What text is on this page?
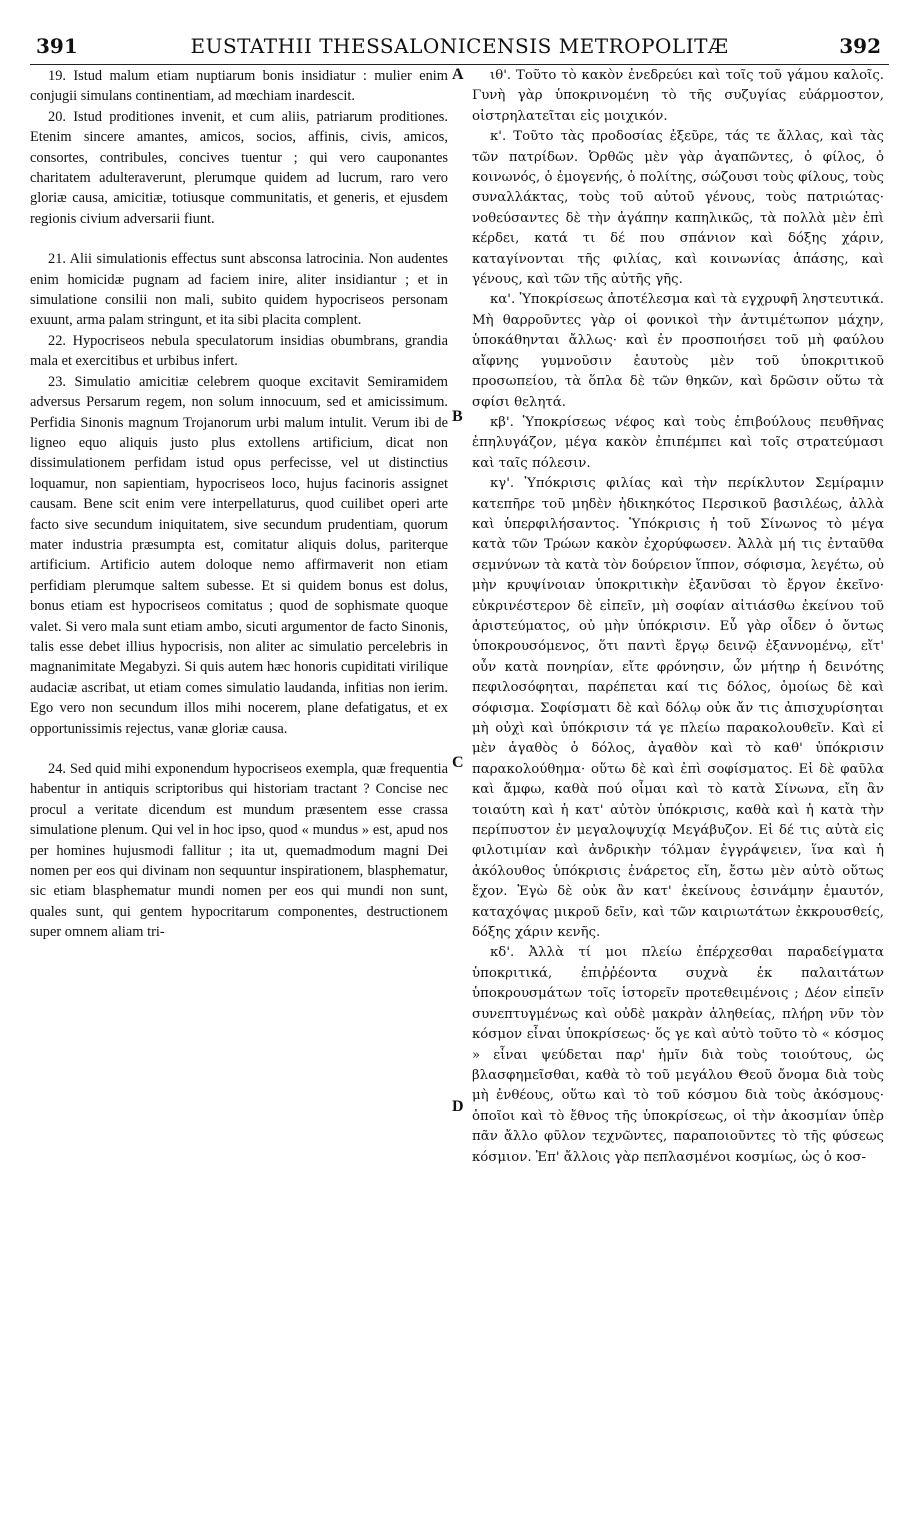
391	EUSTATHII THESSALONICENSIS METROPOLITÆ	392
A
B
C
D

19. Istud malum etiam nuptiarum bonis insidiatur : mulier enim conjugii simulans continentiam, ad mœchiam inardescit.

20. Istud proditiones invenit, et cum aliis, patriarum proditiones. Etenim sincere amantes, amicos, socios, affinis, civis, amicos, consortes, contribules, concives tuentur ; qui vero cauponantes charitatem adulteraverunt, plerumque quidem ad lucrum, raro vero gloriæ causa, amicitiæ, totiusque communitatis, et generis, et ejusdem regionis civium adversarii fiunt.

21. Alii simulationis effectus sunt absconsa latrocinia. Non audentes enim homicidæ pugnam ad faciem inire, aliter insidiantur ; et in simulatione consilii non mali, subito quidem hypocriseos personam exuunt, arma palam stringunt, et ita sibi placita complent.

22. Hypocriseos nebula speculatorum insidias obumbrans, grandia mala et exercitibus et urbibus infert.

23. Simulatio amicitiæ celebrem quoque excitavit Semiramidem adversus Persarum regem, non solum innocuum, sed et amicissimum. Perfidia Sinonis magnum Trojanorum urbi malum intulit. Verum ibi de ligneo equo aliquis justo plus extollens artificium, dicat non dissimulationem perfidam istud opus perfecisse, vel ut distinctius loquamur, non sapientiam, hypocriseos loco, hujus facinoris assignet causam. Bene scit enim vere interpellaturus, quod cuilibet operi arte facto sive secundum iniquitatem, sive secundum prudentiam, quorum mater industria præsumpta est, comitatur aliquis dolus, pariterque artificium. Artificio autem doloque nemo affirmaverit non etiam perfidiam plerumque saltem subesse. Et si quidem bonus est dolus, bonus etiam est hypocriseos comitatus ; quod de sophismate quoque valet. Si vero mala sunt etiam ambo, sicuti argumentor de facto Sinonis, talis esse debet illius hypocrisis, non aliter ac simulatio percelebris in magnanimitate Megabyzi. Si quis autem hæc honoris cupiditati virilique audaciæ ascribat, ut etiam comes simulatio laudanda, infitias non ierim. Ego vero non secundum illos mihi nocerem, plane defatigatus, et ex opportunissimis rejectus, vanæ gloriæ causa.

24. Sed quid mihi exponendum hypocriseos exempla, quæ frequentia habentur in antiquis scriptoribus qui historiam tractant ? Concise nec procul a veritate dicendum est mundum præsentem esse crassa simulatione plenum. Qui vel in hoc ipso, quod « mundus » est, apud nos per homines hujusmodi fallitur ; ita ut, quemadmodum magni Dei nomen per eos qui divinam non sequuntur inspirationem, blasphematur, sic etiam blasphematur mundi nomen per eos qui mundi non sunt, quales sunt, qui gentem hypocritarum componentes, destructionem super omnem aliam tri-

ιθ'. Τοῦτο τὸ κακὸν ἐνεδρεύει καὶ τοῖς τοῦ γάμου καλοῖς. Γυνὴ γὰρ ὑποκρινομένη τὸ τῆς συζυγίας εὐάρμοστον, οἰστρηλατεῖται εἰς μοιχικόν.

κ'. Τοῦτο τὰς προδοσίας ἐξεῦρε, τάς τε ἄλλας, καὶ τὰς τῶν πατρίδων. Ὀρθῶς μὲν γὰρ ἀγαπῶντες, ὁ φίλος, ὁ κοινωνός, ὁ ἐμογενής, ὁ πολίτης, σώζουσι τοὺς φίλους, τοὺς συναλλάκτας, τοὺς τοῦ αὐτοῦ γένους, τοὺς πατριώτας· νοθεύσαντες δὲ τὴν ἀγάπην καπηλικῶς, τὰ πολλὰ μὲν ἐπὶ κέρδει, κατά τι δέ που σπάνιον καὶ δόξης χάριν, καταγίνονται τῆς φιλίας, καὶ κοινωνίας ἁπάσης, καὶ γένους, καὶ τῶν τῆς αὐτῆς γῆς.

κα'. Ὑποκρίσεως ἀποτέλεσμα καὶ τὰ εγχρυφῆ ληστευτικά. Μὴ θαρροῦντες γὰρ οἱ φονικοὶ τὴν ἀντιμέτωπον μάχην, ὑποκάθηνται ἄλλως· καὶ ἐν προσποιήσει τοῦ μὴ φαύλου αἴφνης γυμνοῦσιν ἑαυτοὺς μὲν τοῦ ὑποκριτικοῦ προσωπείου, τὰ ὅπλα δὲ τῶν θηκῶν, καὶ δρῶσιν οὕτω τὰ σφίσι θελητά.

κβ'. Ὑποκρίσεως νέφος καὶ τοὺς ἐπιβούλους πευθῆνας ἐπηλυγάζον, μέγα κακὸν ἐπιπέμπει καὶ τοῖς στρατεύμασι καὶ ταῖς πόλεσιν.

κγ'. Ὑπόκρισις φιλίας καὶ τὴν περίκλυτον Σεμίραμιν κατεπῆρε τοῦ μηδὲν ἠδικηκότος Περσικοῦ βασιλέως, ἀλλὰ καὶ ὑπερφιλήσαντος. Ὑπόκρισις ἡ τοῦ Σίνωνος τὸ μέγα κατὰ τῶν Τρώων κακὸν ἐχορύφωσεν. Ἀλλὰ μή τις ἐνταῦθα σεμνύνων τὰ κατὰ τὸν δούρειον ἵππον, σόφισμα, λεγέτω, οὐ μὴν κρυψίνοιαν ὑποκριτικὴν ἐξανῦσαι τὸ ἔργον ἐκεῖνο· εὐκρινέστερον δὲ εἰπεῖν, μὴ σοφίαν αἰτιάσθω ἐκείνου τοῦ ἀριστεύματος, οὐ μὴν ὑπόκρισιν. Εὖ γὰρ οἶδεν ὁ ὄντως ὑποκρουσόμενος, ὅτι παντὶ ἔργῳ δεινῷ ἐξαννομένῳ, εἴτ' οὖν κατὰ πονηρίαν, εἴτε φρόνησιν, ὧν μήτηρ ἡ δεινότης πεφιλοσόφηται, παρέπεται καί τις δόλος, ὁμοίως δὲ καὶ σόφισμα. Σοφίσματι δὲ καὶ δόλῳ οὐκ ἄν τις ἀπισχυρίσηται μὴ οὐχὶ καὶ ὑπόκρισιν τά γε πλείω παρακολουθεῖν. Καὶ εἰ μὲν ἀγαθὸς ὁ δόλος, ἀγαθὸν καὶ τὸ καθ' ὑπόκρισιν παρακολούθημα· οὕτω δὲ καὶ ἐπὶ σοφίσματος. Εἰ δὲ φαῦλα καὶ ἄμφω, καθὰ πού οἶμαι καὶ τὸ κατὰ Σίνωνα, εἴη ἂν τοιαύτη καὶ ἡ κατ' αὐτὸν ὑπόκρισις, καθὰ καὶ ἡ κατὰ τὴν περίπυστον ἐν μεγαλοψυχίᾳ Μεγάβυζον. Εἰ δέ τις αὐτὰ εἰς φιλοτιμίαν καὶ ἀνδρικὴν τόλμαν ἐγγράψειεν, ἵνα καὶ ἡ ἀκόλουθος ὑπόκρισις ἐνάρετος εἴη, ἔστω μὲν αὐτὸ οὕτως ἔχον. Ἐγὼ δὲ οὐκ ἂν κατ' ἐκείνους ἐσινάμην ἐμαυτόν, καταχόψας μικροῦ δεῖν, καὶ τῶν καιριωτάτων ἐκκρουσθείς, δόξης χάριν κενῆς.

κδ'. Ἀλλὰ τί μοι πλείω ἐπέρχεσθαι παραδείγματα ὑποκριτικά, ἐπιῤῥέοντα συχνὰ ἐκ παλαιτάτων ὑποκρουσμάτων τοῖς ἱστορεῖν προτεθειμένοις ; Δέον εἰπεῖν συνεπτυγμένως καὶ οὐδὲ μακρὰν ἀληθείας, πλήρη νῦν τὸν κόσμον εἶναι ὑποκρίσεως· ὅς γε καὶ αὐτὸ τοῦτο τὸ « κόσμος » εἶναι ψεύδεται παρ' ἡμῖν διὰ τοὺς τοιούτους, ὡς βλασφημεῖσθαι, καθὰ τὸ τοῦ μεγάλου Θεοῦ ὄνομα διὰ τοὺς μὴ ἐνθέους, οὕτω καὶ τὸ τοῦ κόσμου διὰ τοὺς ἀκόσμους· ὁποῖοι καὶ τὸ ἔθνος τῆς ὑποκρίσεως, οἱ τὴν ἀκοσμίαν ὑπὲρ πᾶν ἄλλο φῦλον τεχνῶντες, παραποιοῦντες τὸ τῆς φύσεως κόσμιον. Ἐπ' ἄλλοις γὰρ πεπλασμένοι κοσμίως, ὡς ὁ κοσ-
